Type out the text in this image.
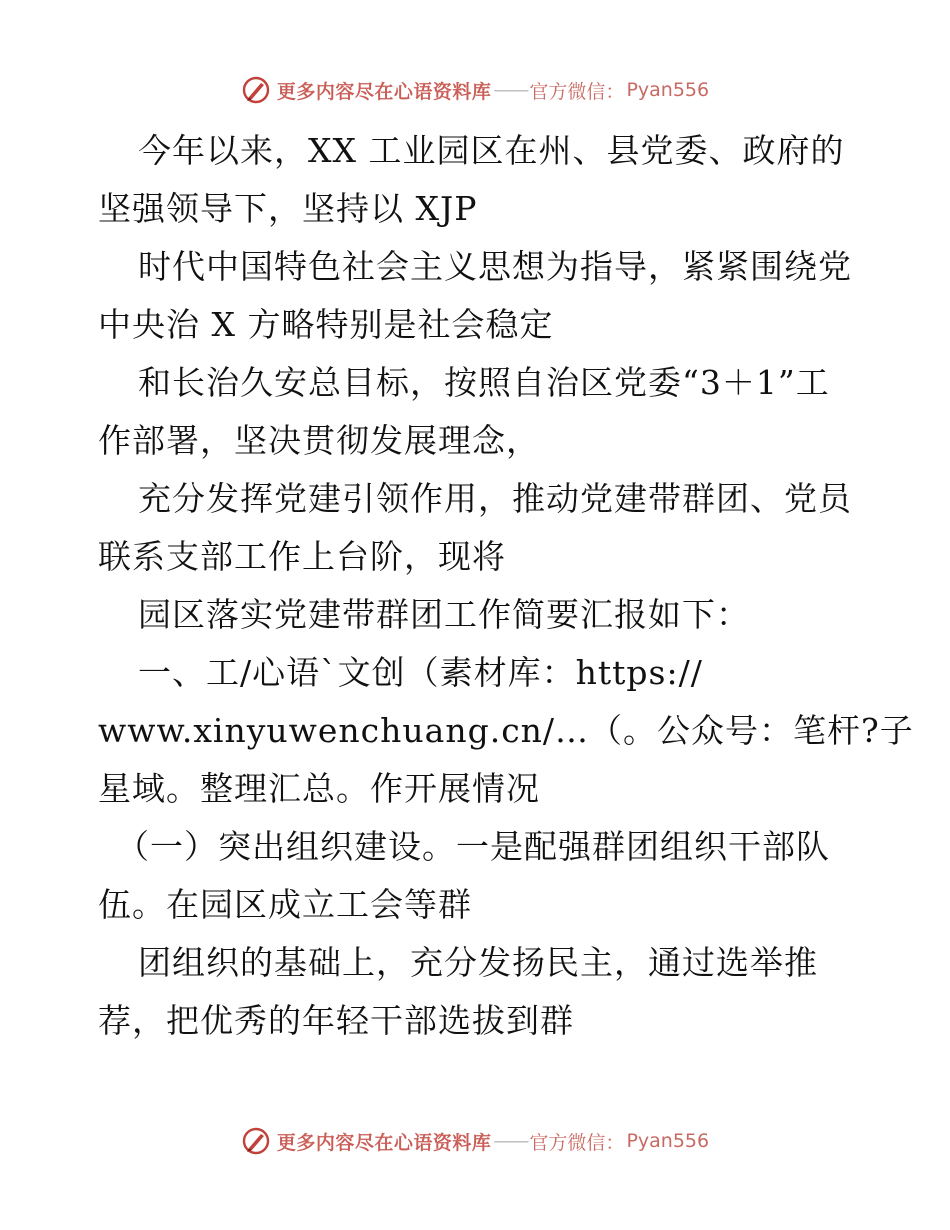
更多内容尽在心语资料库 —— 官方微信： Pyan556
今年以来，XX 工业园区在州、县党委、政府的
坚强领导下，坚持以 XJP
时代中国特色社会主义思想为指导，紧紧围绕党
中央治 X 方略特别是社会稳定
和长治久安总目标，按照自治区党委“3＋1”工
作部署，坚决贯彻发展理念，
充分发挥党建引领作用，推动党建带群团、党员
联系支部工作上台阶，现将
园区落实党建带群团工作简要汇报如下：
一、工/心语`文创（素材库：https://
www.xinyuwenchuang.cn/…（。公众号：笔杆?子
星域。整理汇总。作开展情况
（一）突出组织建设。一是配强群团组织干部队
伍。在园区成立工会等群
团组织的基础上，充分发扬民主，通过选举推
荐，把优秀的年轻干部选拔到群
更多内容尽在心语资料库 —— 官方微信： Pyan556
